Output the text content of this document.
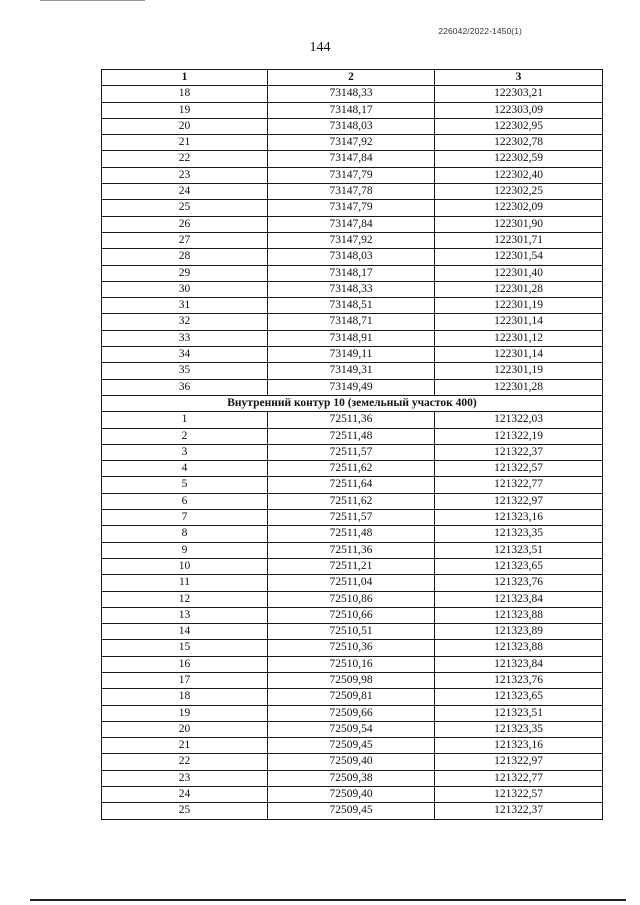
226042/2022-1450(1)
144
1	2	3
18	73148,33	122303,21
19	73148,17	122303,09
20	73148,03	122302,95
21	73147,92	122302,78
22	73147,84	122302,59
23	73147,79	122302,40
24	73147,78	122302,25
25	73147,79	122302,09
26	73147,84	122301,90
27	73147,92	122301,71
28	73148,03	122301,54
29	73148,17	122301,40
30	73148,33	122301,28
31	73148,51	122301,19
32	73148,71	122301,14
33	73148,91	122301,12
34	73149,11	122301,14
35	73149,31	122301,19
36	73149,49	122301,28
Внутренний контур 10 (земельный участок 400)		
1	72511,36	121322,03
2	72511,48	121322,19
3	72511,57	121322,37
4	72511,62	121322,57
5	72511,64	121322,77
6	72511,62	121322,97
7	72511,57	121323,16
8	72511,48	121323,35
9	72511,36	121323,51
10	72511,21	121323,65
11	72511,04	121323,76
12	72510,86	121323,84
13	72510,66	121323,88
14	72510,51	121323,89
15	72510,36	121323,88
16	72510,16	121323,84
17	72509,98	121323,76
18	72509,81	121323,65
19	72509,66	121323,51
20	72509,54	121323,35
21	72509,45	121323,16
22	72509,40	121322,97
23	72509,38	121322,77
24	72509,40	121322,57
25	72509,45	121322,37
